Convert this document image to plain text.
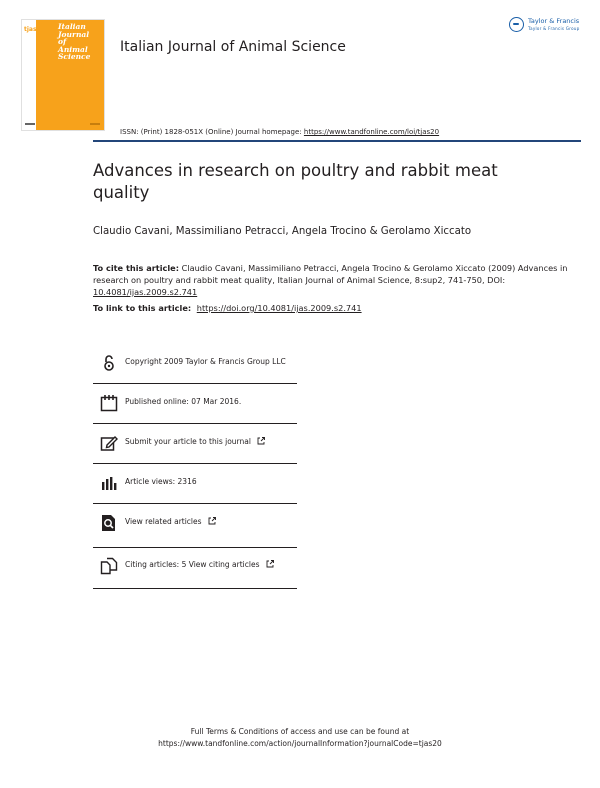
tjas	Italian
Journal
of
Animal
Science
Italian Journal of Animal Science
Taylor & Francis
Taylor & Francis Group
ISSN: (Print) 1828-051X (Online) Journal homepage: https://www.tandfonline.com/loi/tjas20
Advances in research on poultry and rabbit meat quality
Claudio Cavani, Massimiliano Petracci, Angela Trocino & Gerolamo Xiccato
To cite this article: Claudio Cavani, Massimiliano Petracci, Angela Trocino & Gerolamo Xiccato (2009) Advances in research on poultry and rabbit meat quality, Italian Journal of Animal Science, 8:sup2, 741-750, DOI: 10.4081/ijas.2009.s2.741
To link to this article: https://doi.org/10.4081/ijas.2009.s2.741
Copyright 2009 Taylor & Francis Group LLC
Published online: 07 Mar 2016.
Submit your article to this journal
Article views: 2316
View related articles
Citing articles: 5 View citing articles
Full Terms & Conditions of access and use can be found at
https://www.tandfonline.com/action/journalInformation?journalCode=tjas20
